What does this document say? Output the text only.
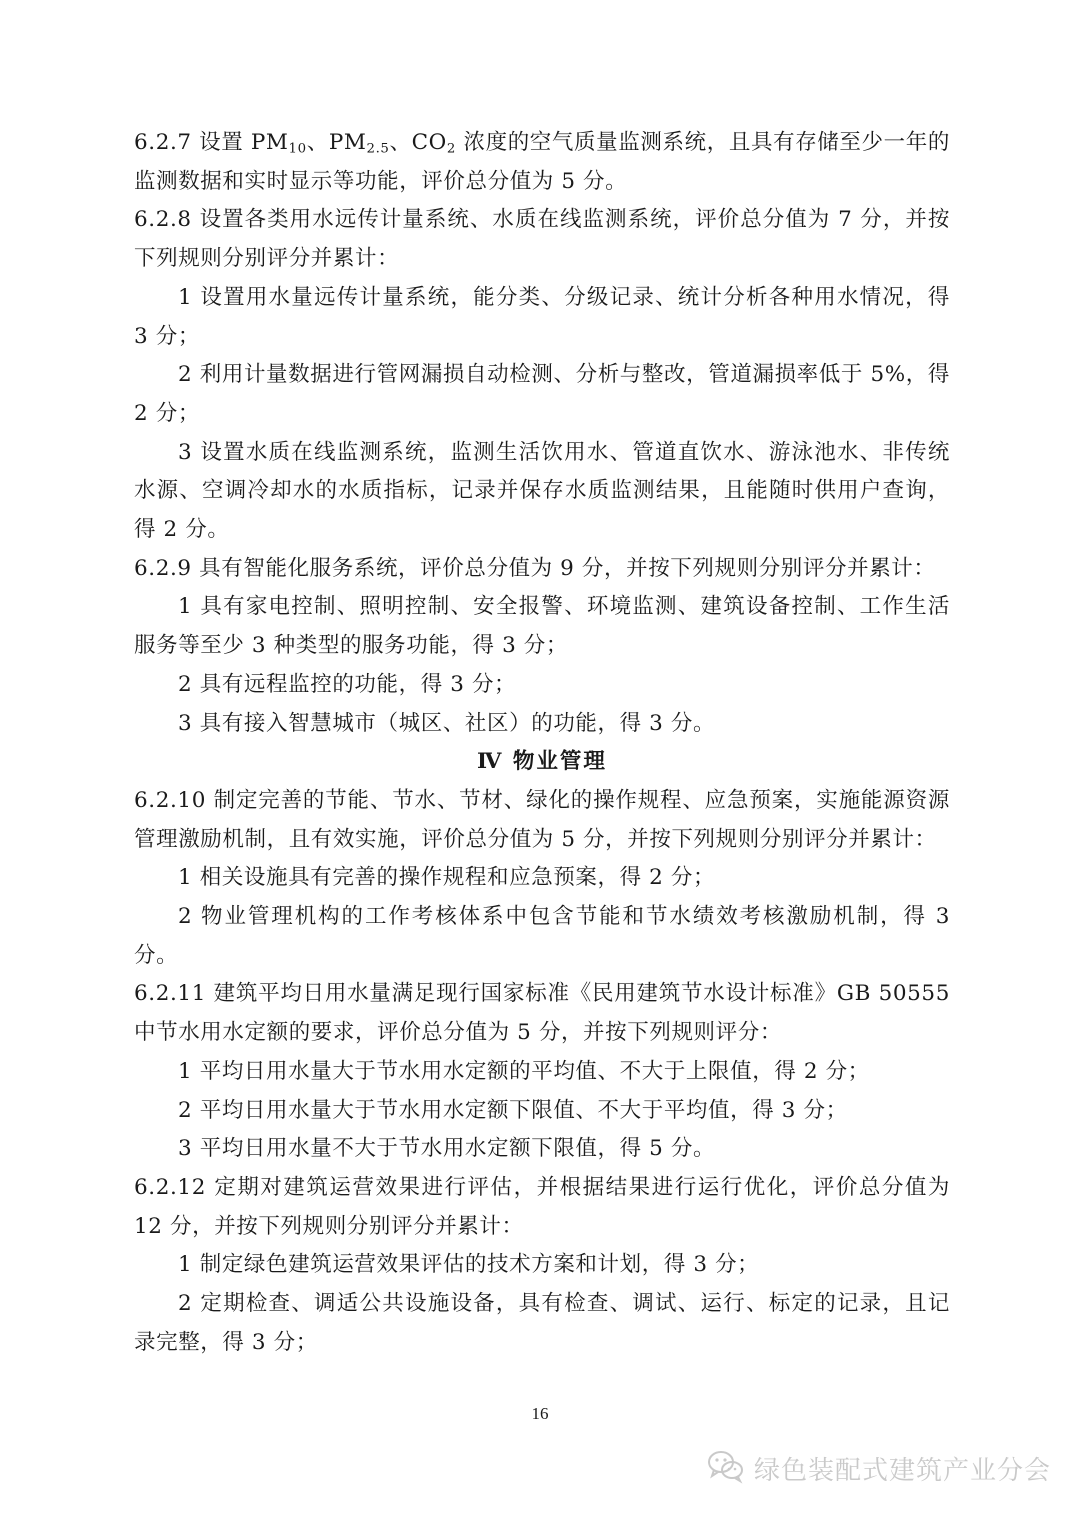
6.2.7 设置 $PM_{10}$、$PM_{2.5}$、$CO_2$ 浓度的空气质量监测系统，且具有存储至少一年的监测数据和实时显示等功能，评价总分值为 5 分。

6.2.8 设置各类用水远传计量系统、水质在线监测系统，评价总分值为 7 分，并按下列规则分别评分并累计：

1 设置用水量远传计量系统，能分类、分级记录、统计分析各种用水情况，得 3 分；

2 利用计量数据进行管网漏损自动检测、分析与整改，管道漏损率低于 5%，得 2 分；

3 设置水质在线监测系统，监测生活饮用水、管道直饮水、游泳池水、非传统水源、空调冷却水的水质指标，记录并保存水质监测结果，且能随时供用户查询，得 2 分。

6.2.9 具有智能化服务系统，评价总分值为 9 分，并按下列规则分别评分并累计：

1 具有家电控制、照明控制、安全报警、环境监测、建筑设备控制、工作生活服务等至少 3 种类型的服务功能，得 3 分；

2 具有远程监控的功能，得 3 分；

3 具有接入智慧城市（城区、社区）的功能，得 3 分。

Ⅳ 物业管理

6.2.10 制定完善的节能、节水、节材、绿化的操作规程、应急预案，实施能源资源管理激励机制，且有效实施，评价总分值为 5 分，并按下列规则分别评分并累计：

1 相关设施具有完善的操作规程和应急预案，得 2 分；

2 物业管理机构的工作考核体系中包含节能和节水绩效考核激励机制，得 3 分。

6.2.11 建筑平均日用水量满足现行国家标准《民用建筑节水设计标准》GB 50555 中节水用水定额的要求，评价总分值为 5 分，并按下列规则评分：

1 平均日用水量大于节水用水定额的平均值、不大于上限值，得 2 分；

2 平均日用水量大于节水用水定额下限值、不大于平均值，得 3 分；

3 平均日用水量不大于节水用水定额下限值，得 5 分。

6.2.12 定期对建筑运营效果进行评估，并根据结果进行运行优化，评价总分值为 12 分，并按下列规则分别评分并累计：

1 制定绿色建筑运营效果评估的技术方案和计划，得 3 分；

2 定期检查、调适公共设施设备，具有检查、调试、运行、标定的记录，且记录完整，得 3 分；

16
绿色装配式建筑产业分会
